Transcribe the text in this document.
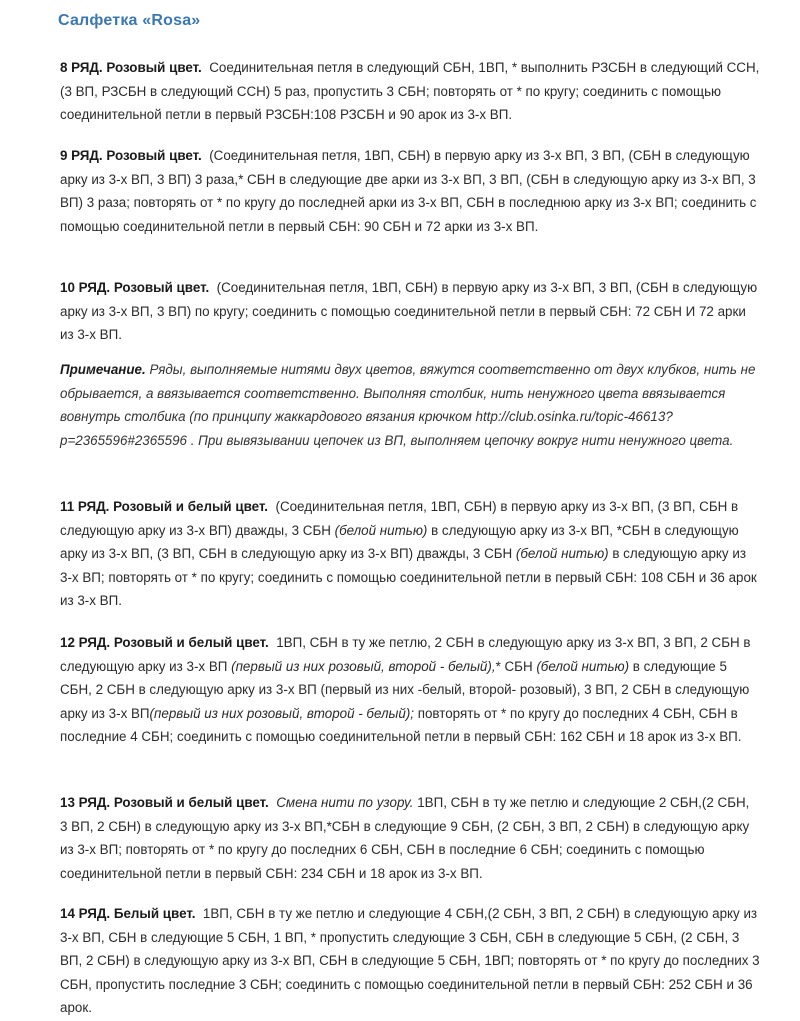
Салфетка «Rosa»
8 РЯД. Розовый цвет. Соединительная петля в следующий СБН, 1ВП, * выполнить РЗСБН в следующий ССН, (3 ВП, РЗСБН в следующий ССН) 5 раз, пропустить 3 СБН; повторять от * по кругу; соединить с помощью соединительной петли в первый РЗСБН:108 РЗСБН и 90 арок из 3-х ВП.
9 РЯД. Розовый цвет. (Соединительная петля, 1ВП, СБН) в первую арку из 3-х ВП, 3 ВП, (СБН в следующую арку из 3-х ВП, 3 ВП) 3 раза,* СБН в следующие две арки из 3-х ВП, 3 ВП, (СБН в следующую арку из 3-х ВП, 3 ВП) 3 раза; повторять от * по кругу до последней арки из 3-х ВП, СБН в последнюю арку из 3-х ВП; соединить с помощью соединительной петли в первый СБН: 90 СБН и 72 арки из 3-х ВП.
10 РЯД. Розовый цвет. (Соединительная петля, 1ВП, СБН) в первую арку из 3-х ВП, 3 ВП, (СБН в следующую арку из 3-х ВП, 3 ВП) по кругу; соединить с помощью соединительной петли в первый СБН: 72 СБН И 72 арки из 3-х ВП.
Примечание. Ряды, выполняемые нитями двух цветов, вяжутся соответственно от двух клубков, нить не обрывается, а ввязывается соответственно. Выполняя столбик, нить ненужного цвета ввязывается вовнутрь столбика (по принципу жаккардового вязания крючком http://club.osinka.ru/topic-46613?p=2365596#2365596 . При вывязывании цепочек из ВП, выполняем цепочку вокруг нити ненужного цвета.
11 РЯД. Розовый и белый цвет. (Соединительная петля, 1ВП, СБН) в первую арку из 3-х ВП, (3 ВП, СБН в следующую арку из 3-х ВП) дважды, 3 СБН (белой нитью) в следующую арку из 3-х ВП, *СБН в следующую арку из 3-х ВП, (3 ВП, СБН в следующую арку из 3-х ВП) дважды, 3 СБН (белой нитью) в следующую арку из 3-х ВП; повторять от * по кругу; соединить с помощью соединительной петли в первый СБН: 108 СБН и 36 арок из 3-х ВП.
12 РЯД. Розовый и белый цвет. 1ВП, СБН в ту же петлю, 2 СБН в следующую арку из 3-х ВП, 3 ВП, 2 СБН в следующую арку из 3-х ВП (первый из них розовый, второй - белый),* СБН (белой нитью) в следующие 5 СБН, 2 СБН в следующую арку из 3-х ВП (первый из них -белый, второй- розовый), 3 ВП, 2 СБН в следующую арку из 3-х ВП(первый из них розовый, второй - белый); повторять от * по кругу до последних 4 СБН, СБН в последние 4 СБН; соединить с помощью соединительной петли в первый СБН: 162 СБН и 18 арок из 3-х ВП.
13 РЯД. Розовый и белый цвет. Смена нити по узору. 1ВП, СБН в ту же петлю и следующие 2 СБН,(2 СБН, 3 ВП, 2 СБН) в следующую арку из 3-х ВП,*СБН в следующие 9 СБН, (2 СБН, 3 ВП, 2 СБН) в следующую арку из 3-х ВП; повторять от * по кругу до последних 6 СБН, СБН в последние 6 СБН; соединить с помощью соединительной петли в первый СБН: 234 СБН и 18 арок из 3-х ВП.
14 РЯД. Белый цвет. 1ВП, СБН в ту же петлю и следующие 4 СБН,(2 СБН, 3 ВП, 2 СБН) в следующую арку из 3-х ВП, СБН в следующие 5 СБН, 1 ВП, * пропустить следующие 3 СБН, СБН в следующие 5 СБН, (2 СБН, 3 ВП, 2 СБН) в следующую арку из 3-х ВП, СБН в следующие 5 СБН, 1ВП; повторять от * по кругу до последних 3 СБН, пропустить последние 3 СБН; соединить с помощью соединительной петли в первый СБН: 252 СБН и 36 арок.
